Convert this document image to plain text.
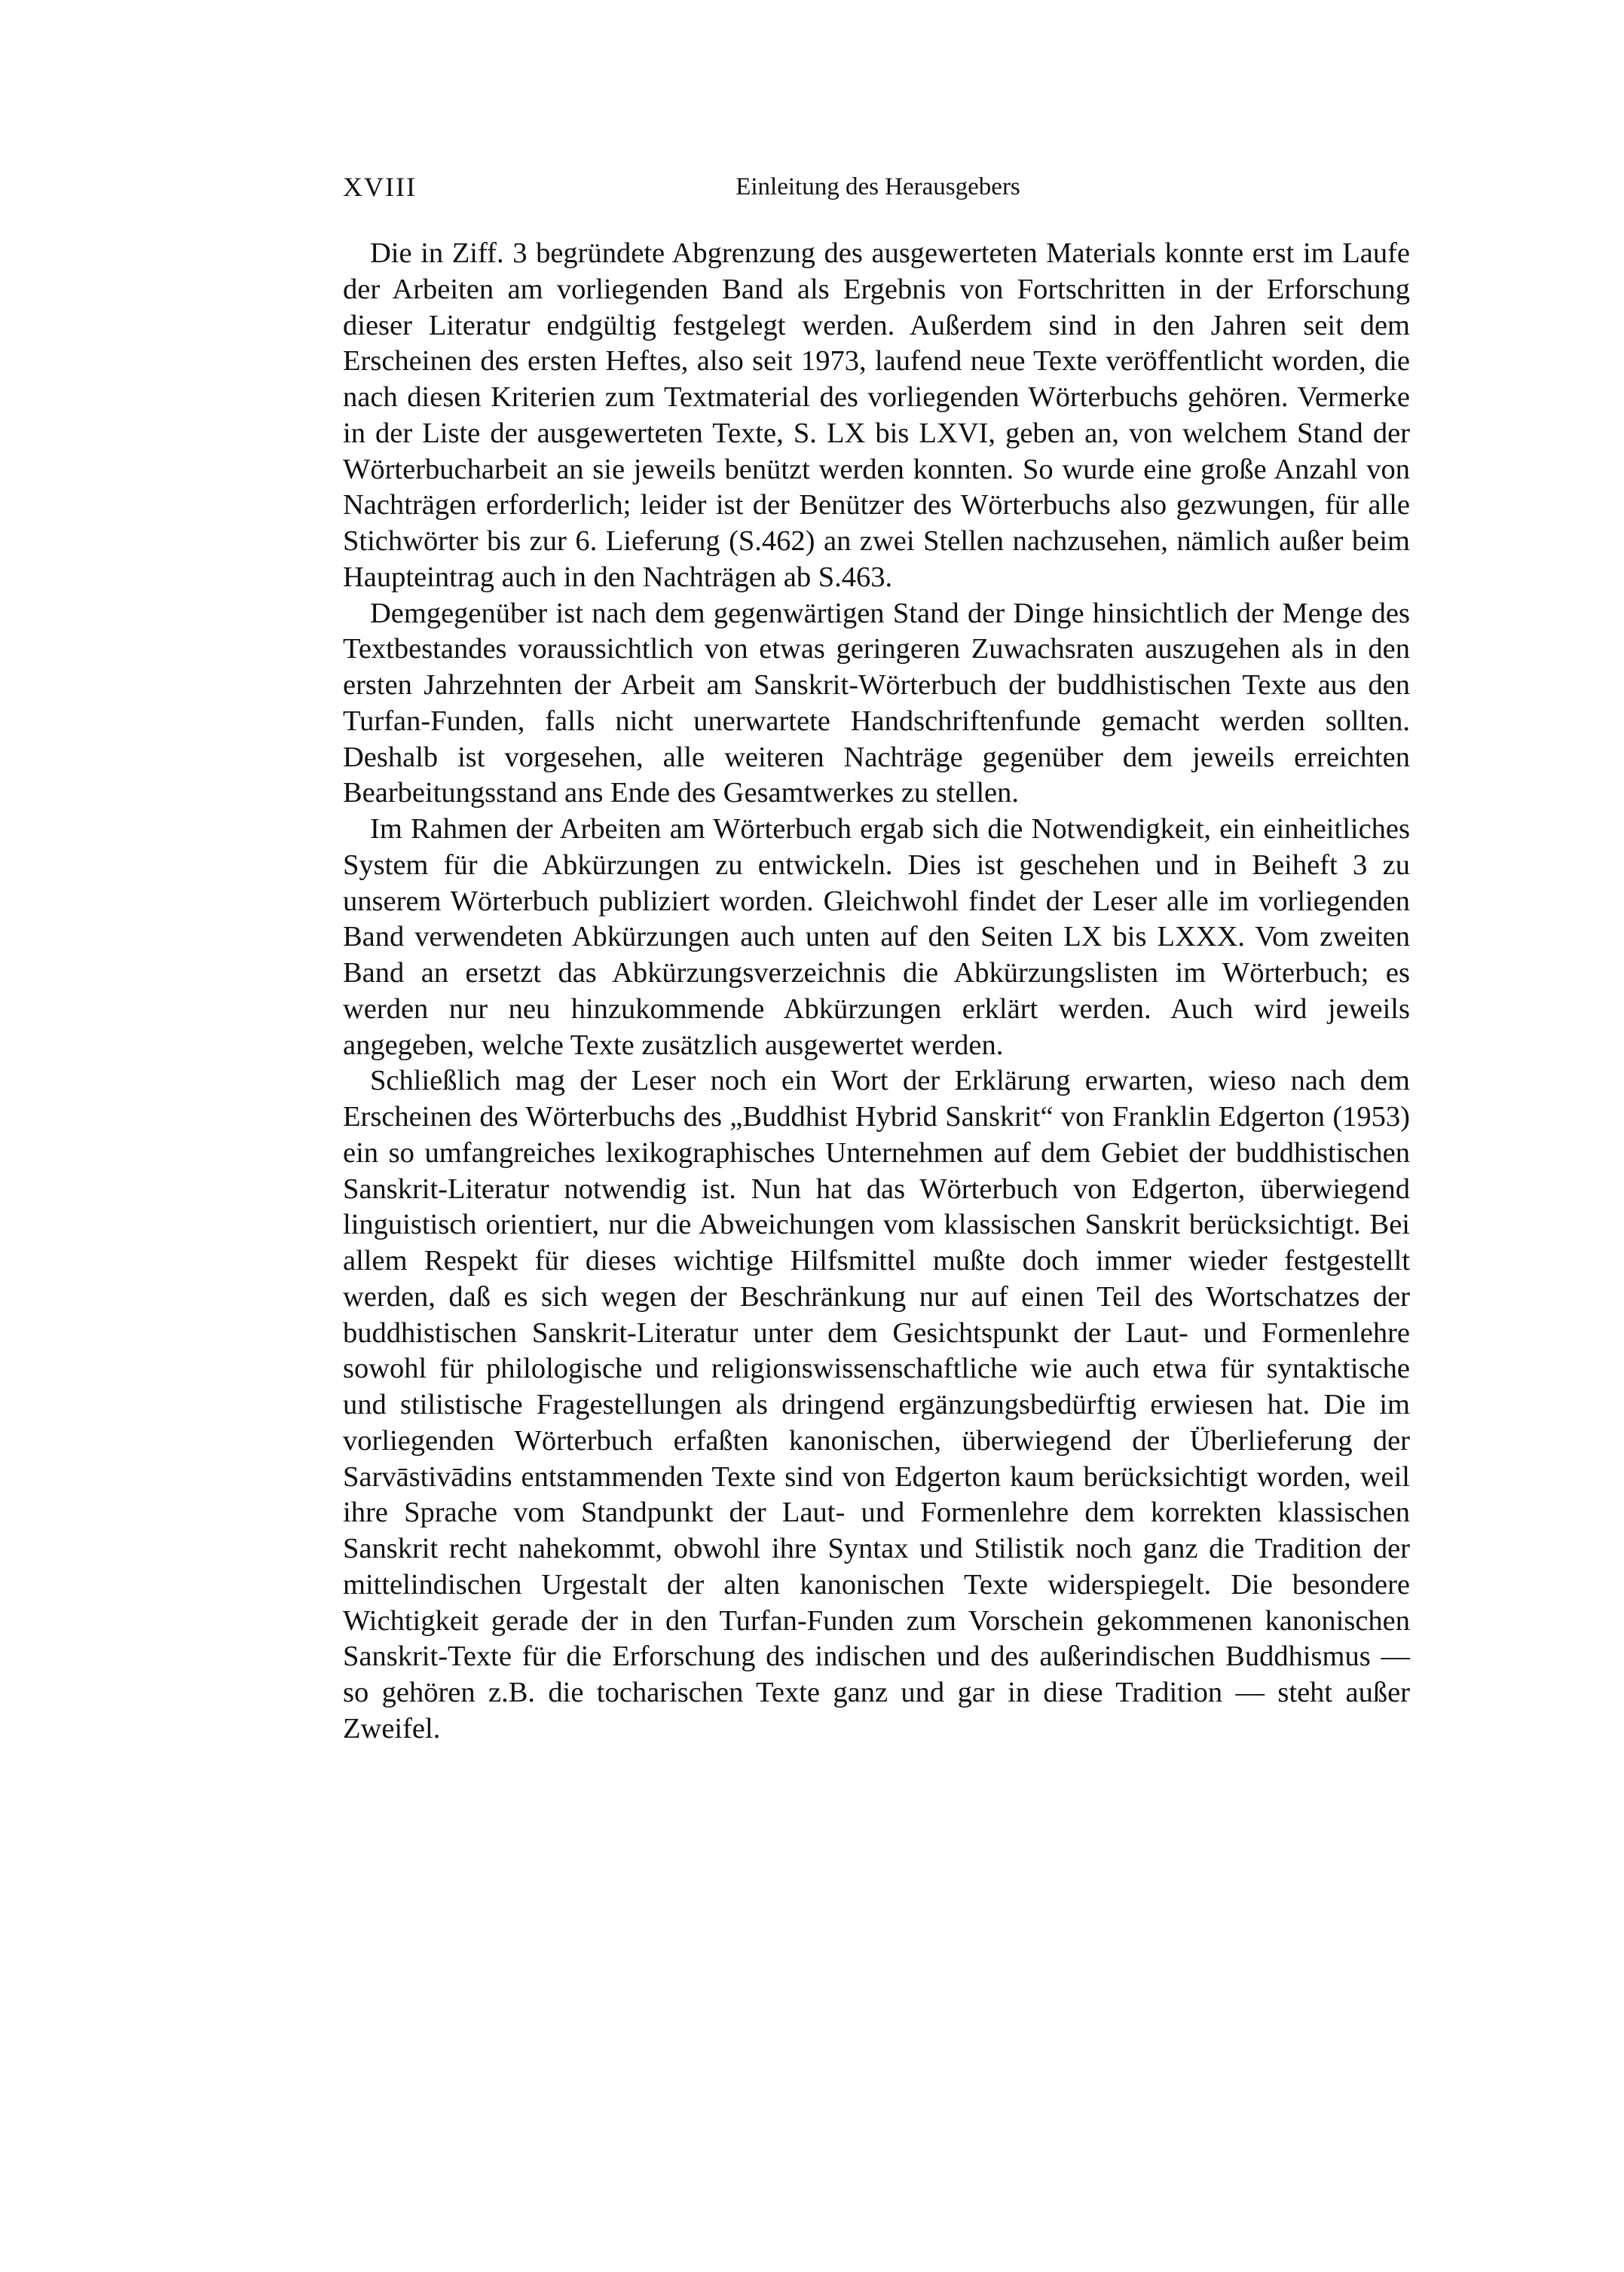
XVIII	Einleitung des Herausgebers

Die in Ziff. 3 begründete Abgrenzung des ausgewerteten Materials konnte erst im Laufe der Arbeiten am vorliegenden Band als Ergebnis von Fortschritten in der Erforschung dieser Literatur endgültig festgelegt werden. Außerdem sind in den Jahren seit dem Erscheinen des ersten Heftes, also seit 1973, laufend neue Texte veröffentlicht worden, die nach diesen Kriterien zum Textmaterial des vorliegenden Wörterbuchs gehören. Vermerke in der Liste der ausgewerteten Texte, S. LX bis LXVI, geben an, von welchem Stand der Wörterbucharbeit an sie jeweils benützt werden konnten. So wurde eine große Anzahl von Nachträgen erforderlich; leider ist der Benützer des Wörterbuchs also gezwungen, für alle Stichwörter bis zur 6. Lieferung (S.462) an zwei Stellen nachzusehen, nämlich außer beim Haupteintrag auch in den Nachträgen ab S.463.

Demgegenüber ist nach dem gegenwärtigen Stand der Dinge hinsichtlich der Menge des Textbestandes voraussichtlich von etwas geringeren Zuwachsraten auszugehen als in den ersten Jahrzehnten der Arbeit am Sanskrit-Wörterbuch der buddhistischen Texte aus den Turfan-Funden, falls nicht unerwartete Handschriftenfunde gemacht werden sollten. Deshalb ist vorgesehen, alle weiteren Nachträge gegenüber dem jeweils erreichten Bearbeitungsstand ans Ende des Gesamtwerkes zu stellen.

Im Rahmen der Arbeiten am Wörterbuch ergab sich die Notwendigkeit, ein einheitliches System für die Abkürzungen zu entwickeln. Dies ist geschehen und in Beiheft 3 zu unserem Wörterbuch publiziert worden. Gleichwohl findet der Leser alle im vorliegenden Band verwendeten Abkürzungen auch unten auf den Seiten LX bis LXXX. Vom zweiten Band an ersetzt das Abkürzungsverzeichnis die Abkürzungslisten im Wörterbuch; es werden nur neu hinzukommende Abkürzungen erklärt werden. Auch wird jeweils angegeben, welche Texte zusätzlich ausgewertet werden.

Schließlich mag der Leser noch ein Wort der Erklärung erwarten, wieso nach dem Erscheinen des Wörterbuchs des „Buddhist Hybrid Sanskrit“ von Franklin Edgerton (1953) ein so umfangreiches lexikographisches Unternehmen auf dem Gebiet der buddhistischen Sanskrit-Literatur notwendig ist. Nun hat das Wörterbuch von Edgerton, überwiegend linguistisch orientiert, nur die Abweichungen vom klassischen Sanskrit berücksichtigt. Bei allem Respekt für dieses wichtige Hilfsmittel mußte doch immer wieder festgestellt werden, daß es sich wegen der Beschränkung nur auf einen Teil des Wortschatzes der buddhistischen Sanskrit-Literatur unter dem Gesichtspunkt der Laut- und Formenlehre sowohl für philologische und religionswissenschaftliche wie auch etwa für syntaktische und stilistische Fragestellungen als dringend ergänzungsbedürftig erwiesen hat. Die im vorliegenden Wörterbuch erfaßten kanonischen, überwiegend der Überlieferung der Sarvāstivādins entstammenden Texte sind von Edgerton kaum berücksichtigt worden, weil ihre Sprache vom Standpunkt der Laut- und Formenlehre dem korrekten klassischen Sanskrit recht nahekommt, obwohl ihre Syntax und Stilistik noch ganz die Tradition der mittelindischen Urgestalt der alten kanonischen Texte widerspiegelt. Die besondere Wichtigkeit gerade der in den Turfan-Funden zum Vorschein gekommenen kanonischen Sanskrit-Texte für die Erforschung des indischen und des außerindischen Buddhismus — so gehören z.B. die tocharischen Texte ganz und gar in diese Tradition — steht außer Zweifel.
